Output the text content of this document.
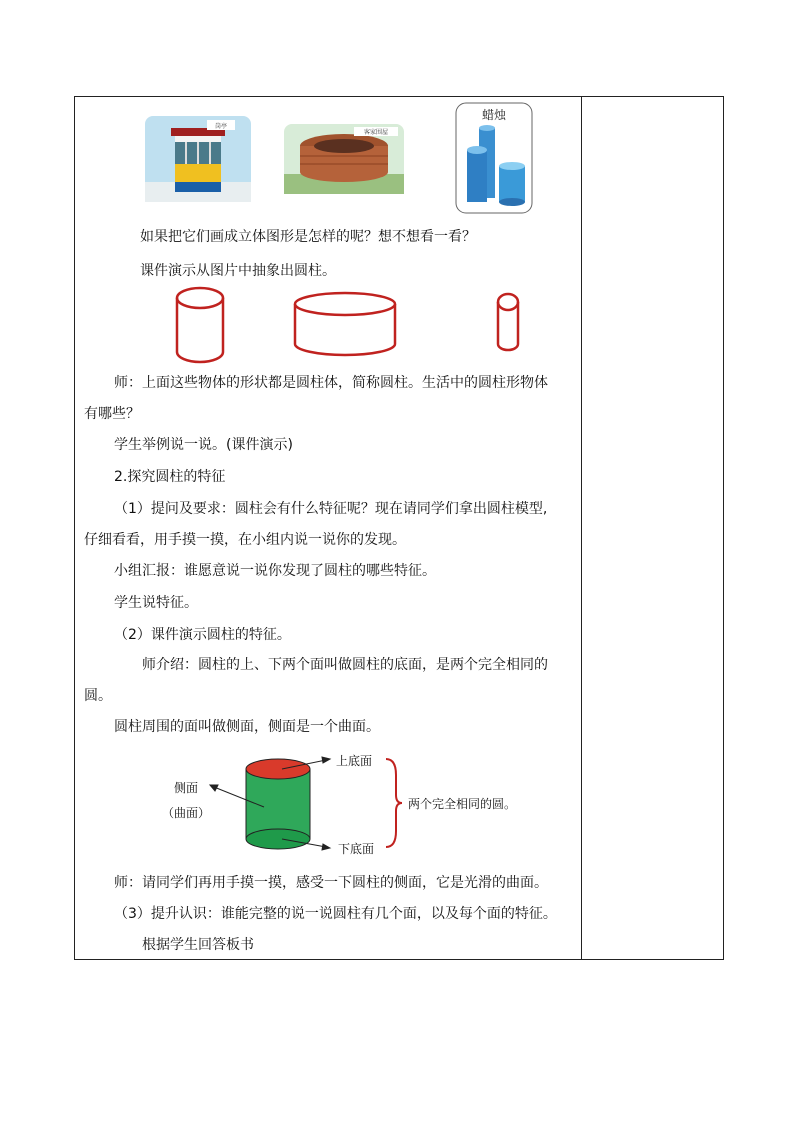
岗亭
客家围屋
蜡烛
如果把它们画成立体图形是怎样的呢？想不想看一看？
课件演示从图片中抽象出圆柱。
师：上面这些物体的形状都是圆柱体，简称圆柱。生活中的圆柱形物体
有哪些？
学生举例说一说。(课件演示)
2.探究圆柱的特征
（1）提问及要求：圆柱会有什么特征呢？现在请同学们拿出圆柱模型,
仔细看看，用手摸一摸，在小组内说一说你的发现。
小组汇报：谁愿意说一说你发现了圆柱的哪些特征。
学生说特征。
（2）课件演示圆柱的特征。
师介绍：圆柱的上、下两个面叫做圆柱的底面，是两个完全相同的
圆。
圆柱周围的面叫做侧面，侧面是一个曲面。
上底面
下底面
侧面
（曲面）
两个完全相同的圆。
师：请同学们再用手摸一摸，感受一下圆柱的侧面，它是光滑的曲面。
（3）提升认识：谁能完整的说一说圆柱有几个面，以及每个面的特征。
根据学生回答板书
